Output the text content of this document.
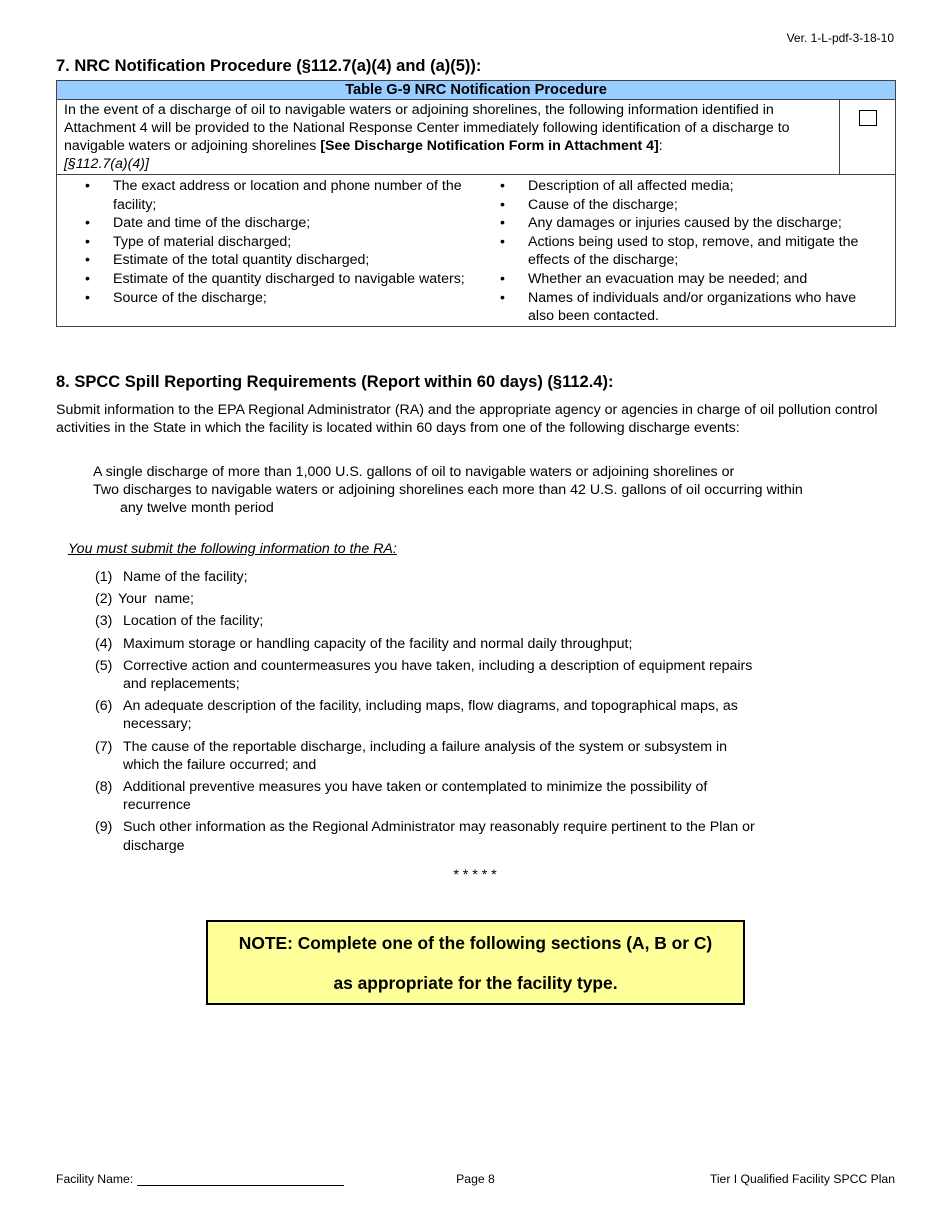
Ver. 1-L-pdf-3-18-10
7. NRC Notification Procedure (§112.7(a)(4) and (a)(5)):
Table G-9 NRC Notification Procedure
In the event of a discharge of oil to navigable waters or adjoining shorelines, the following information identified in Attachment 4 will be provided to the National Response Center immediately following identification of a discharge to navigable waters or adjoining shorelines [See Discharge Notification Form in Attachment 4]:
[§112.7(a)(4)]	

• The exact address or location and phone number of the facility;
• Date and time of the discharge;
• Type of material discharged;
• Estimate of the total quantity discharged;
• Estimate of the quantity discharged to navigable waters;
• Source of the discharge;
• Description of all affected media;
• Cause of the discharge;
• Any damages or injuries caused by the discharge;
• Actions being used to stop, remove, and mitigate the effects of the discharge;
• Whether an evacuation may be needed; and
• Names of individuals and/or organizations who have also been contacted.
8. SPCC Spill Reporting Requirements (Report within 60 days) (§112.4):
Submit information to the EPA Regional Administrator (RA) and the appropriate agency or agencies in charge of oil pollution control activities in the State in which the facility is located within 60 days from one of the following discharge events:
A single discharge of more than 1,000 U.S. gallons of oil to navigable waters or adjoining shorelines or
Two discharges to navigable waters or adjoining shorelines each more than 42 U.S. gallons of oil occurring within
any twelve month period
You must submit the following information to the RA:
(1) Name of the facility;
(2) Your  name;
(3) Location of the facility;
(4) Maximum storage or handling capacity of the facility and normal daily throughput;
(5) Corrective action and countermeasures you have taken, including a description of equipment repairs and replacements;
(6) An adequate description of the facility, including maps, flow diagrams, and topographical maps, as necessary;
(7) The cause of the reportable discharge, including a failure analysis of the system or subsystem in which the failure occurred; and
(8) Additional preventive measures you have taken or contemplated to minimize the possibility of recurrence
(9) Such other information as the Regional Administrator may reasonably require pertinent to the Plan or discharge
* * * * *
NOTE: Complete one of the following sections (A, B or C)
as appropriate for the facility type.
Facility Name:	Page 8	Tier I Qualified Facility SPCC Plan
